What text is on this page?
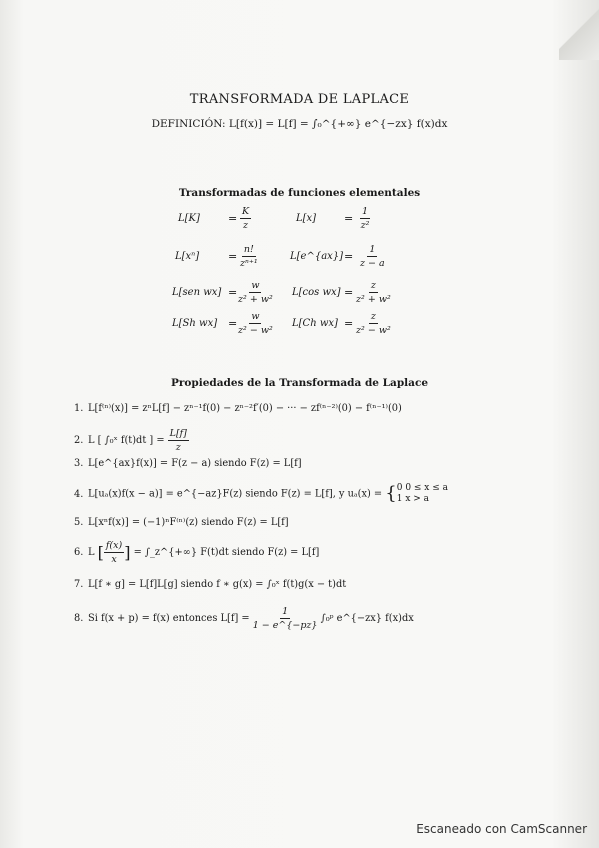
TRANSFORMADA DE LAPLACE
DEFINICIÓN: L[f(x)] = L[f] = ∫₀^{+∞} e^{−zx} f(x)dx
Transformadas de funciones elementales
L[K]	= $\frac{K}{z}$	L[x]	= $\frac{1}{\text{z²}}$
L[xⁿ]	= $\frac{n!}{\text{zⁿ⁺¹}}$	L[e^{ax}] = $\frac{1}{z - a}$
L[sen $wx] = \frac{w}{\text{z² + w²}} L[\cos$ $wx] = \frac{z}{\text{z² + w²}}$
L[Sh $wx] = \frac{w}{\text{z² − w²}} L[Ch$ $wx] = \frac{z}{\text{z² − w²}}$
Propiedades de la Transformada de Laplace
1. L[f⁽ⁿ⁾(x)] = zⁿL[f] − zⁿ⁻¹f(0) − zⁿ⁻²f′(0) − ··· − zf⁽ⁿ⁻²⁾(0) − f⁽ⁿ⁻¹⁾(0)
2. L [ ∫₀ˣ f(t)dt ] = $\frac{L[f]}{z}$
3. L[e^{ax}f(x)] = F(z − a) siendo F(z) = L[f]
4. L[uₐ(x)f(x − a)] = e^{−az}F(z) siendo F(z) = L[f], y uₐ(x) = { 0 0 ≤ x ≤ a
1 x > a
5. L[xⁿf(x)] = (−1)ⁿF⁽ⁿ⁾(z) siendo F(z) = L[f]
6. L [ $\frac{f(x)}{x}$ ] = ∫_z^{+∞} F(t)dt siendo F(z) = L[f]
7. L[f ∗ g] = L[f]L[g] siendo f ∗ g(x) = ∫₀ˣ f(t)g(x − t)dt
8. Si f(x + p) = f(x) entonces $L[f] = \frac{1}{1 - e\^{}\{-pz\}}$ ∫₀ᵖ e^{−zx} f(x)dx
Escaneado con CamScanner
